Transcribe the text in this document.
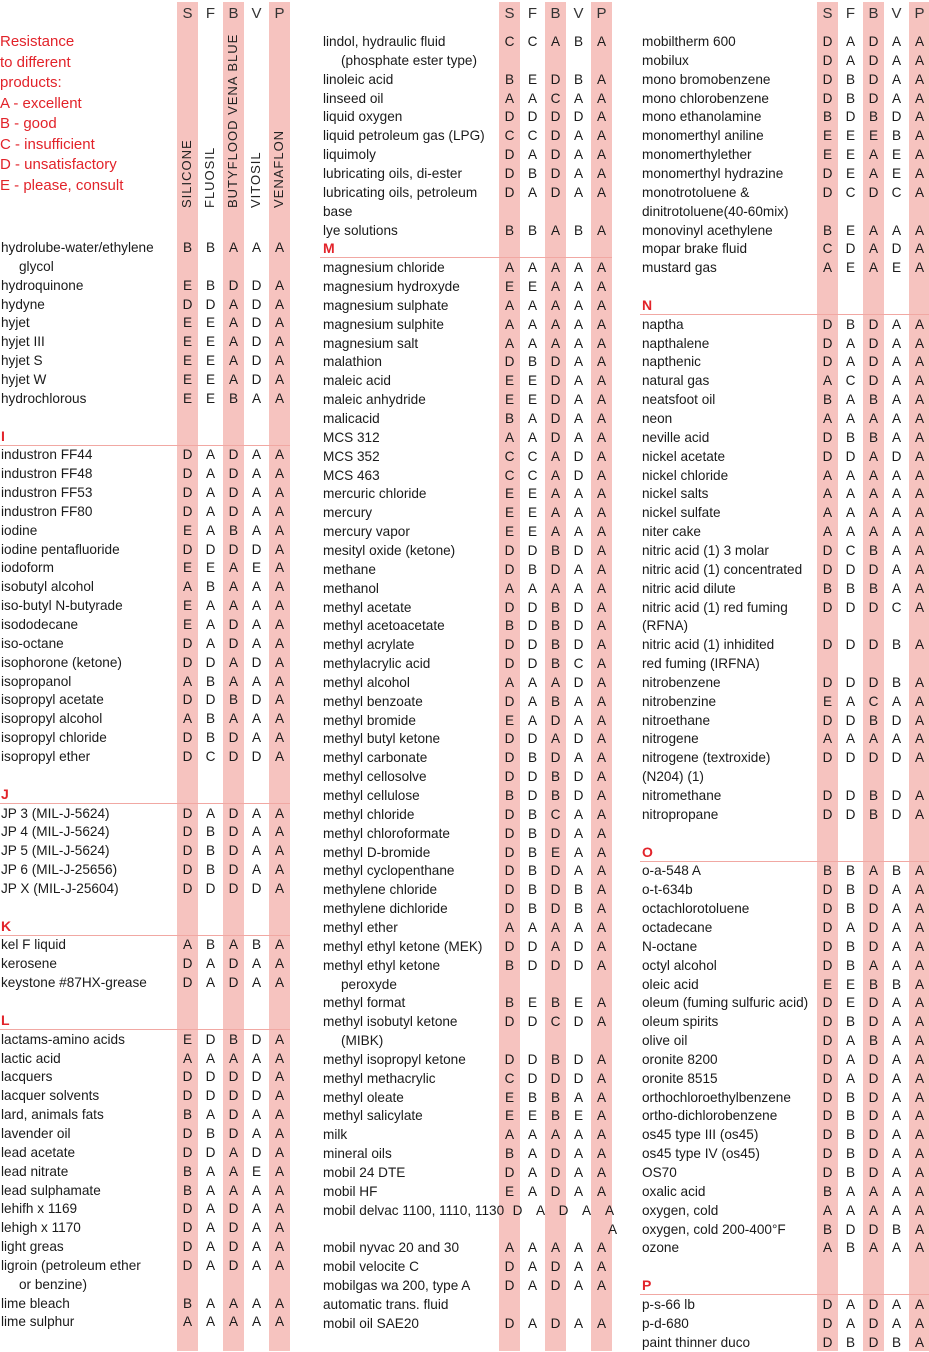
S F B V P	S F B V P	S F B V P
SILICONE FLUOSIL BUTYFLOOD VENA BLUE VITOSIL VENAFLON
Resistance
to different
products:
A - excellent
B - good
C - insufficient
D - unsatisfactory
E - please, consult
hydrolube-water/ethylene	B	B	A	A	A
glycol
hydroquinone	E	B D D A
hydyne	D D A D A
hyjet	E	E	A D A
hyjet III	E	E	A D A
hyjet S	E	E	A D A
hyjet W	E	E	A D A
hydrochlorous	E	E	B	A	A
I
industron FF44	D A D A	A
industron FF48	D A D A	A
industron FF53	D A D A	A
industron FF80	D A D A	A
iodine	E	A	B	A	A
iodine pentafluoride	D D D D A
iodoform	E	E	A	E	A
isobutyl alcohol	A	B	A	A	A
iso-butyl N-butyrade	E	A	A	A	A
isododecane	E	A D A	A
iso-octane	D A D A	A
isophorone (ketone)	D D A D A
isopropanol	A	B	A	A	A
isopropyl acetate	D D B D A
isopropyl alcohol	A	B	A	A	A
isopropyl chloride	D B D A	A
isopropyl ether	D C D D A
J
JP 3 (MIL-J-5624)	D A D A	A
JP 4 (MIL-J-5624)	D B D A	A
JP 5 (MIL-J-5624)	D B D A	A
JP 6 (MIL-J-25656)	D B D A	A
JP X (MIL-J-25604)	D D D D A
K
kel F liquid	A	B	A	B	A
kerosene	D A D A	A
keystone #87HX-grease	D A D A	A
L
lactams-amino acids	E D B D A
lactic acid	A	A	A	A	A
lacquers	D D D D A
lacquer solvents	D D D D A
lard, animals fats	B	A D A	A
lavender oil	D B D A	A
lead acetate	D D A D A
lead nitrate	B	A	A	E	A
lead sulphamate	B	A	A	A	A
lehifh x 1169	D A D A	A
lehigh x 1170	D A D A	A
light greas	D A D A	A
ligroin (petroleum ether	D A D A	A
or benzine)
lime bleach	B	A	A	A	A
lime sulphur	A	A	A	A	A
lindol, hydraulic fluid	C C A	B	A
(phosphate ester type)
linoleic acid	B	E D B	A
linseed oil	A	A C A	A
liquid oxygen	D D D D A
liquid petroleum gas (LPG)	C C D A	A
liquimoly	D A D A	A
lubricating oils, di-ester	D B D A	A
lubricating oils, petroleum	D A D A	A
base
lye solutions	B	B	A	B	A
M
magnesium chloride	A	A	A	A	A
magnesium hydroxyde	E	E	A	A	A
magnesium sulphate	A	A	A	A	A
magnesium sulphite	A	A	A	A	A
magnesium salt	A	A	A	A	A
malathion	D B D A	A
maleic acid	E	E D A	A
maleic anhydride	E	E D A	A
malicacid	B	A D A	A
MCS 312	A	A D A	A
MCS 352	C C A D A
MCS 463	C C A D A
mercuric chloride	E	E	A	A	A
mercury	E	E	A	A	A
mercury vapor	E	E	A	A	A
mesityl oxide (ketone)	D D B D A
methane	D B D A	A
methanol	A	A	A	A	A
methyl acetate	D D B D A
methyl acetoacetate	B D B D A
methyl acrylate	D D B D A
methylacrylic acid	D D B C A
methyl alcohol	A	A	A D A
methyl benzoate	D A	B	A	A
methyl bromide	E	A D A	A
methyl butyl ketone	D D A D A
methyl carbonate	D B D A	A
methyl cellosolve	D D B D A
methyl cellulose	B D B D A
methyl chloride	D B C A	A
methyl chloroformate	D B D A	A
methyl D-bromide	D B	E	A	A
methyl cyclopenthane	D B D A	A
methylene chloride	D B D B	A
methylene dichloride	D B D B	A
methyl ether	A	A	A	A	A
methyl ethyl ketone (MEK)	D D A D A
methyl ethyl ketone	B D D D A
peroxyde
methyl format	B	E	B	E	A
methyl isobutyl ketone	D D C D A
(MIBK)
methyl isopropyl ketone	D D B D A
methyl methacrylic	C D D D A
methyl oleate	E	B	B	A	A
methyl salicylate	E	E	B	E	A
milk	A	A	A	A	A
mineral oils	B	A D A	A
mobil 24 DTE	D A D A	A
mobil HF	E	A D A	A
mobil delvac 1100, 1110, 1130 D A D A	A
mobil nyvac 20 and 30	A	A	A	A	A
mobil velocite C	D A D A	A
mobilgas wa 200, type A	D A D A	A
automatic trans. fluid
mobil oil SAE20	D A D A	A
mobiltherm 600	D A D A	A
mobilux	D A D A	A
mono bromobenzene	D B D A	A
mono chlorobenzene	D B D A	A
mono ethanolamine	B D B D A
monomerthyl aniline	E	E	E	B	A
monomerthylether	E	E	A	E	A
monomerthyl hydrazine	D E	A	E	A
monotrotoluene &	D C D C A
dinitrotoluene(40-60mix)
monovinyl acethylene	B	E	A	A	A
mopar brake fluid	C D A D A
mustard gas	A	E	A	E	A
N
naptha	D B D A	A
napthalene	D A D A	A
napthenic	D A D A	A
natural gas	A C D A	A
neatsfoot oil	B	A	B	A	A
neon	A	A	A	A	A
neville acid	D B	B	A	A
nickel acetate	D D A D A
nickel chloride	A	A	A	A	A
nickel salts	A	A	A	A	A
nickel sulfate	A	A	A	A	A
niter cake	A	A	A	A	A
nitric acid (1) 3 molar	D C B	A	A
nitric acid (1) concentrated	D D D A	A
nitric acid dilute	B	B	B	A	A
nitric acid (1) red fuming	D D D C A
(RFNA)
nitric acid (1) inhidited	D D D B	A
red fuming (IRFNA)
nitrobenzene	D D D B	A
nitrobenzine	E	A C A	A
nitroethane	D D B D A
nitrogene	A	A	A	A	A
nitrogene (textroxide)	D D D D A
(N204) (1)
nitromethane	D D B D A
nitropropane	D D B D A
O
o-a-548 A	B	B	A	B	A
o-t-634b	D B D A	A
octachlorotoluene	D B D A	A
octadecane	D A D A	A
N-octane	D B D A	A
octyl alcohol	D B	A	A	A
oleic acid	E	E	B	B	A
oleum (fuming sulfuric acid)	D E D A	A
oleum spirits	D B D A	A
olive oil	D A	B	A	A
oronite 8200	D A D A	A
oronite 8515	D A D A	A
orthochloroethylbenzene	D B D A	A
ortho-dichlorobenzene	D B D A	A
os45 type III (os45)	D B D A	A
os45 type IV (os45)	D B D A	A
OS70	D B D A	A
oxalic acid	B	A	A	A	A
oxygen, cold	A	A	A	A	A
oxygen, cold 200-400°F	B D D B	A
ozone	A	B	A	A	A
P
p-s-66 lb	D A D A	A
p-d-680	D A D A	A
paint thinner duco	D B D B	A
A
